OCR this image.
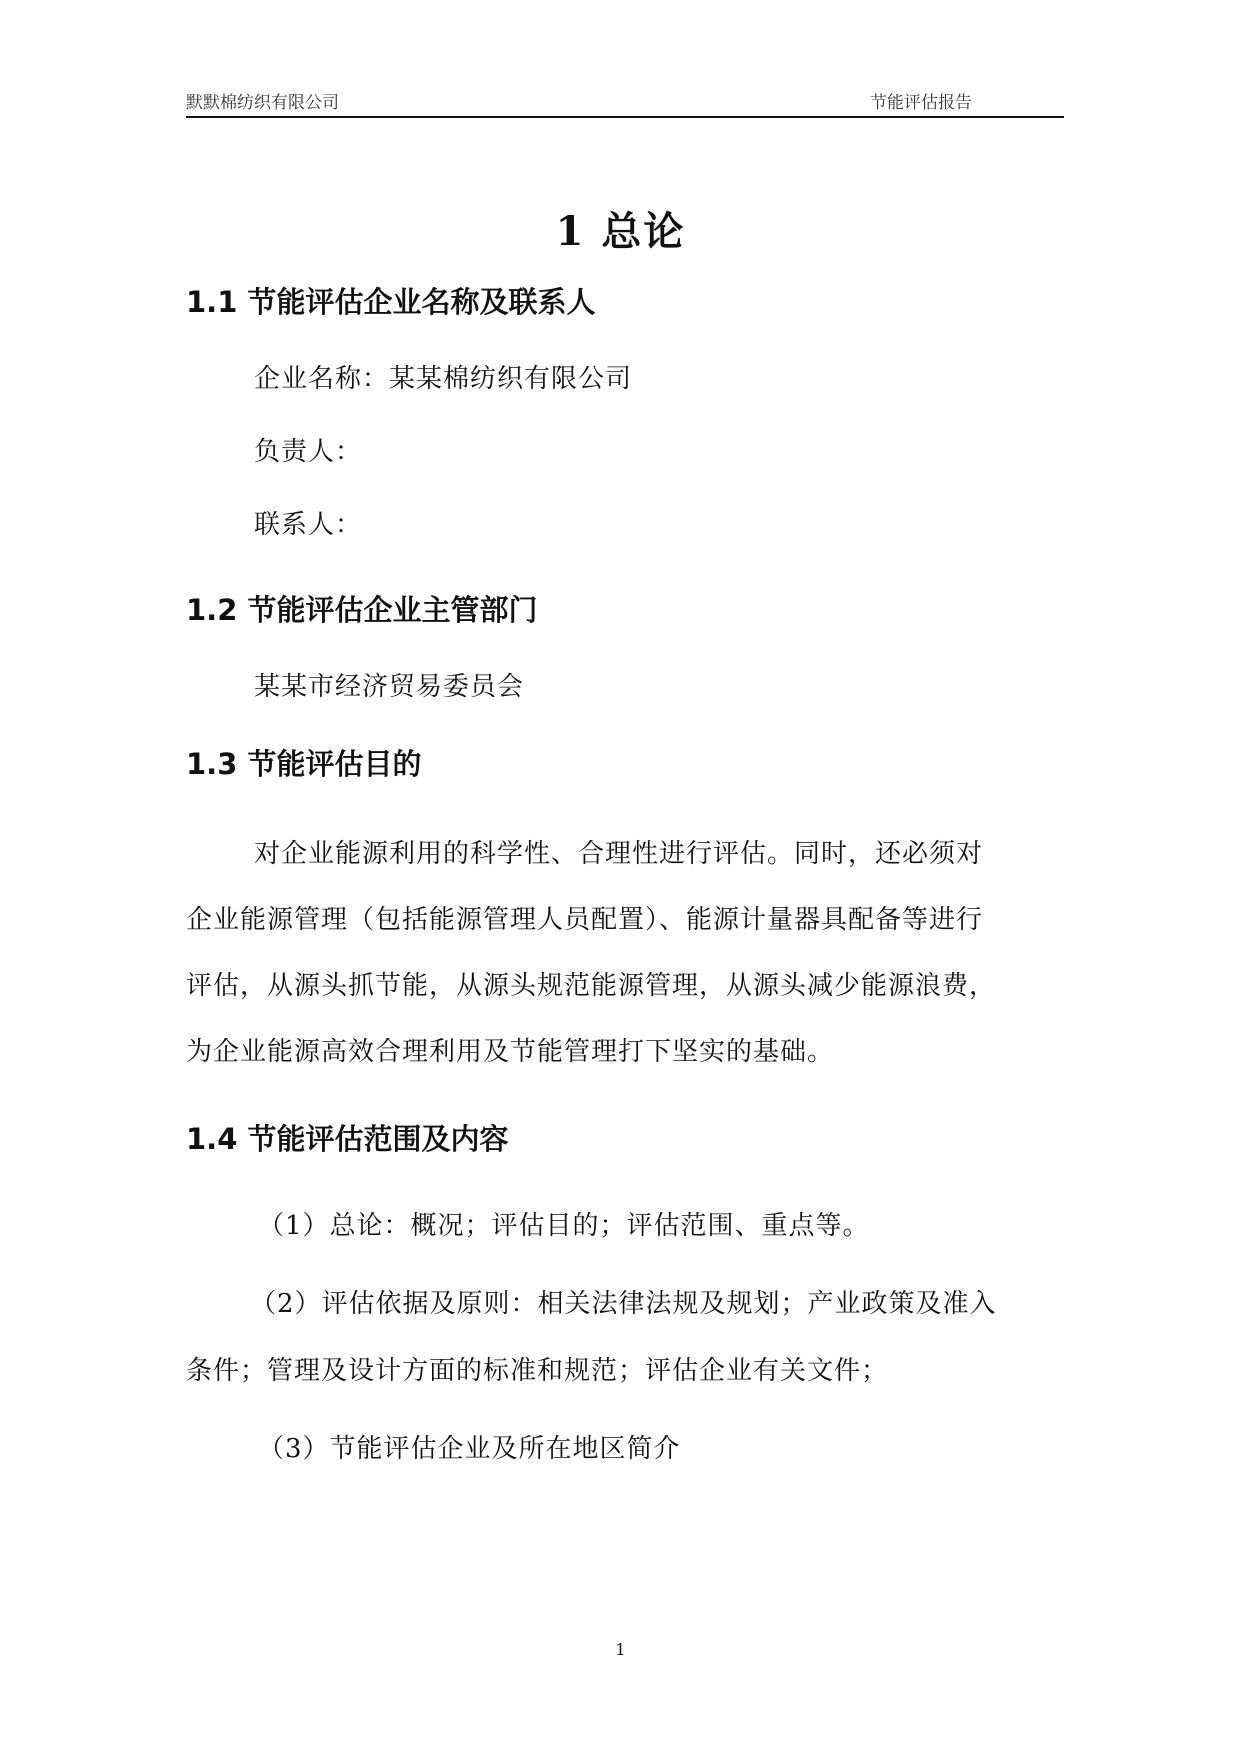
默默棉纺织有限公司	节能评估报告
1 总论
1.1 节能评估企业名称及联系人
企业名称：某某棉纺织有限公司
负责人：
联系人：
1.2 节能评估企业主管部门
某某市经济贸易委员会
1.3 节能评估目的
对企业能源利用的科学性、合理性进行评估。同时，还必须对
企业能源管理（包括能源管理人员配置）、能源计量器具配备等进行
评估，从源头抓节能，从源头规范能源管理，从源头减少能源浪费，
为企业能源高效合理利用及节能管理打下坚实的基础。
1.4 节能评估范围及内容
（1）总论：概况；评估目的；评估范围、重点等。
（2）评估依据及原则：相关法律法规及规划；产业政策及准入
条件；管理及设计方面的标准和规范；评估企业有关文件；
（3）节能评估企业及所在地区简介
1
